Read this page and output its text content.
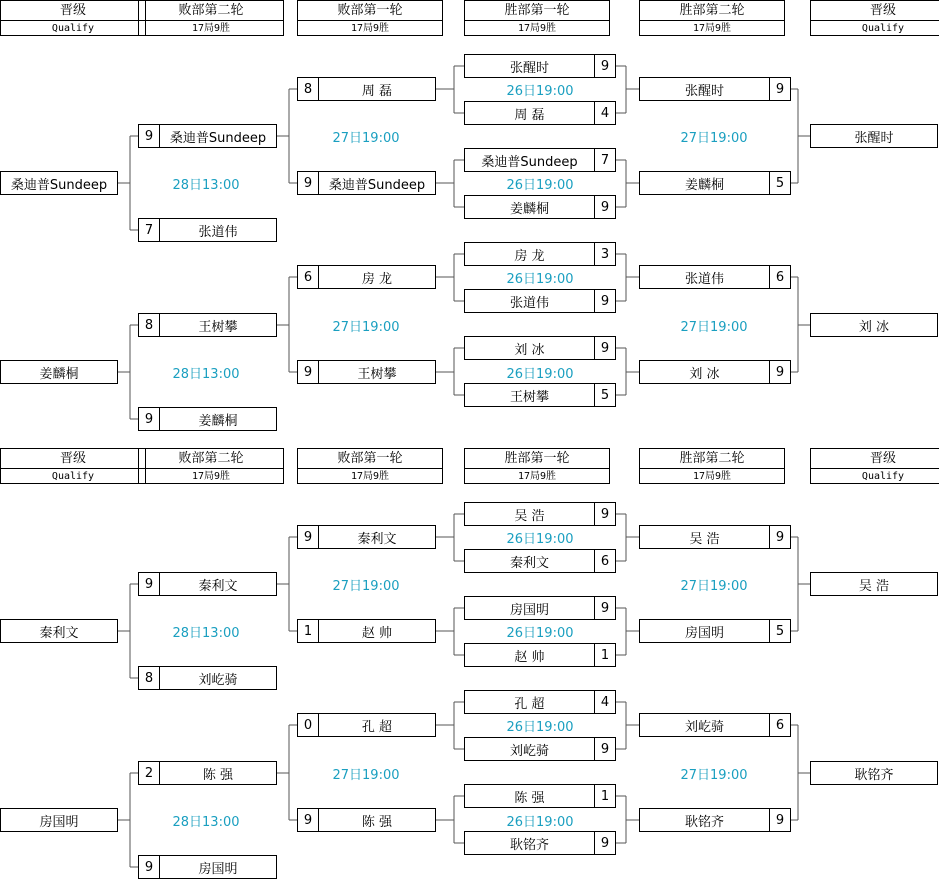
晋级
Qualify
败部第二轮
17局9胜
败部第一轮
17局9胜
胜部第一轮
17局9胜
胜部第二轮
17局9胜
晋级
Qualify
张醒时	9
周 磊	4
26日19:00
桑迪普Sundeep	7
姜麟桐	9
26日19:00
房 龙	3
张道伟	9
26日19:00
刘 冰	9
王树攀	5
26日19:00
张醒时	9
姜麟桐	5
27日19:00	张醒时
张道伟	6
刘 冰	9
27日19:00	刘 冰
8	周 磊
9	桑迪普Sundeep
27日19:00
6	房 龙
9	王树攀
27日19:00
9	桑迪普Sundeep
7	张道伟
28日13:00
桑迪普Sundeep
8	王树攀
9	姜麟桐
28日13:00
姜麟桐
晋级
Qualify
败部第二轮
17局9胜
败部第一轮
17局9胜
胜部第一轮
17局9胜
胜部第二轮
17局9胜
晋级
Qualify
吴 浩	9
秦利文	6
26日19:00
房国明	9
赵 帅	1
26日19:00
孔 超	4
刘屹骑	9
26日19:00
陈 强	1
耿铭齐	9
26日19:00
吴 浩	9
房国明	5
27日19:00	吴 浩
刘屹骑	6
耿铭齐	9
27日19:00	耿铭齐
9	秦利文
1	赵 帅
27日19:00
0	孔 超
9	陈 强
27日19:00
9	秦利文
8	刘屹骑
28日13:00
秦利文
2	陈 强
9	房国明
28日13:00
房国明
